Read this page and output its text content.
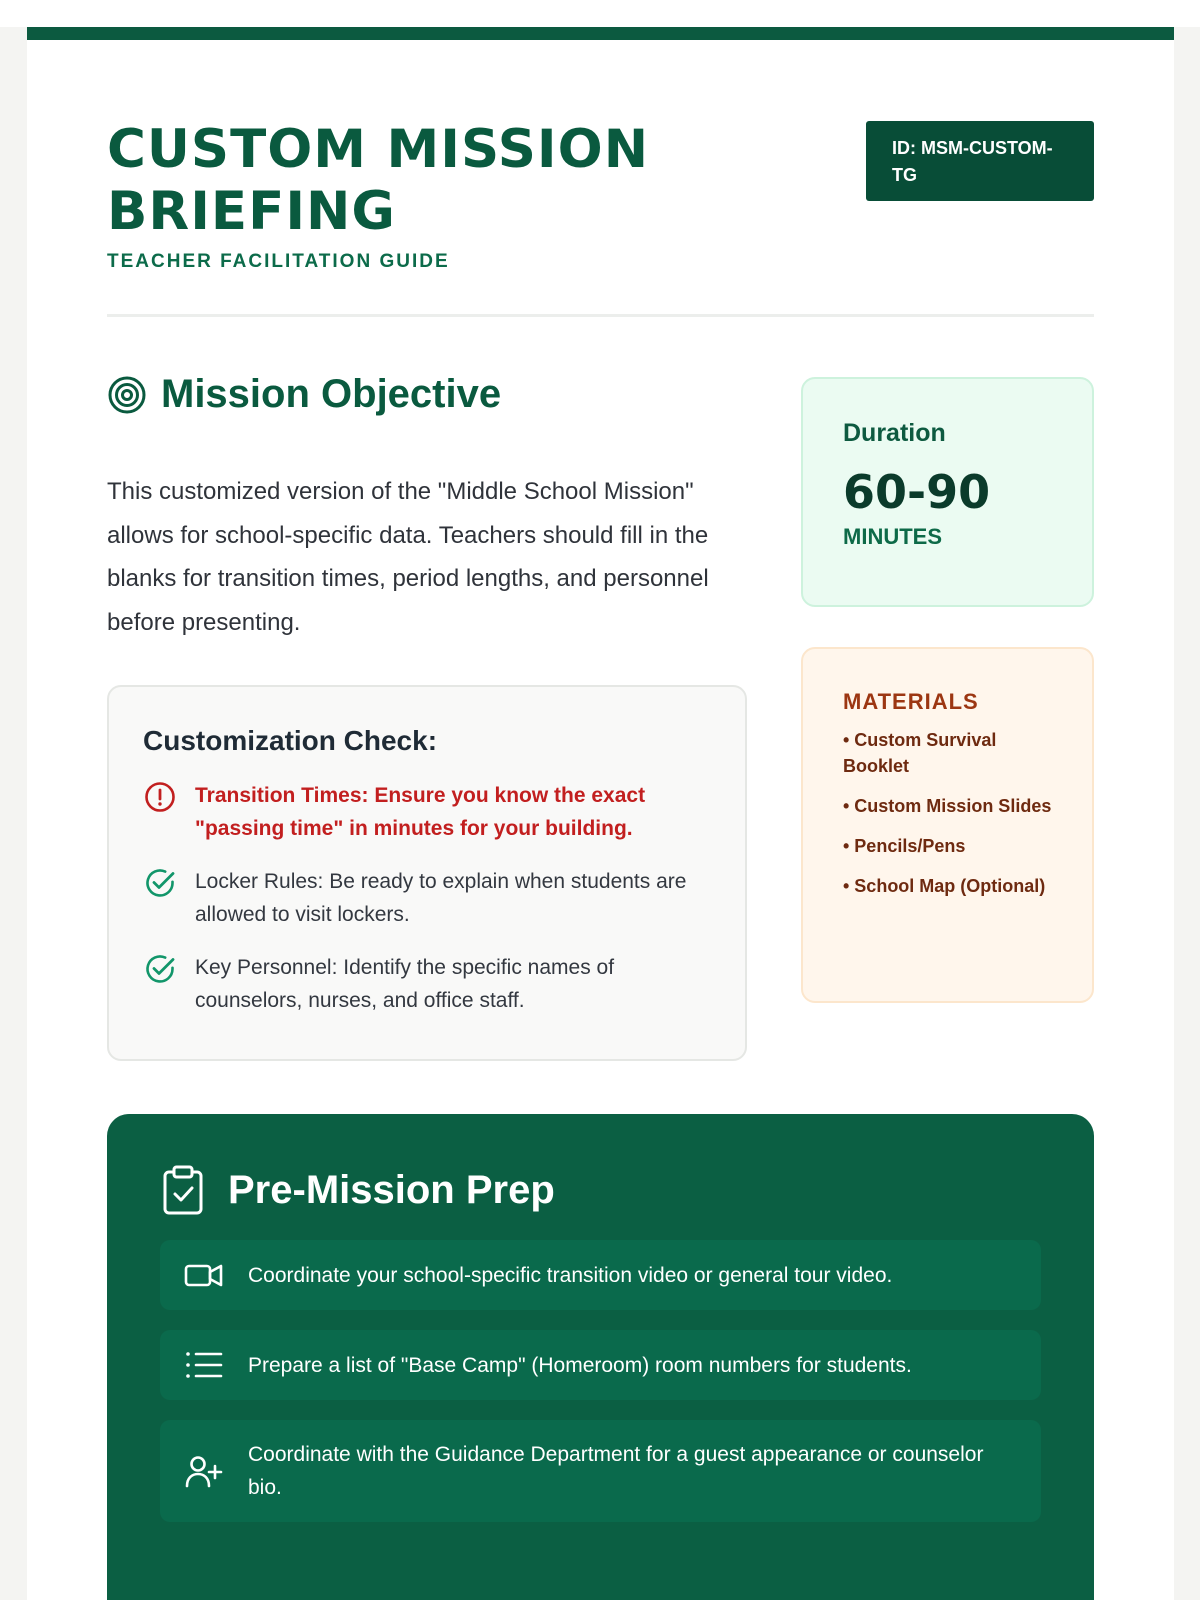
CUSTOM MISSION BRIEFING

TEACHER FACILITATION GUIDE

ID: MSM-CUSTOM-TG
Mission Objective

This customized version of the "Middle School Mission" allows for school-specific data. Teachers should fill in the blanks for transition times, period lengths, and personnel before presenting.

Customization Check:
Transition Times: Ensure you know the exact "passing time" in minutes for your building.
Locker Rules: Be ready to explain when students are allowed to visit lockers.
Key Personnel: Identify the specific names of counselors, nurses, and office staff.

Duration

60-90

MINUTES

MATERIALS

• Custom Survival Booklet

• Custom Mission Slides

• Pencils/Pens

• School Map (Optional)

Pre-Mission Prep
Coordinate your school-specific transition video or general tour video.
Prepare a list of "Base Camp" (Homeroom) room numbers for students.
Coordinate with the Guidance Department for a guest appearance or counselor bio.
